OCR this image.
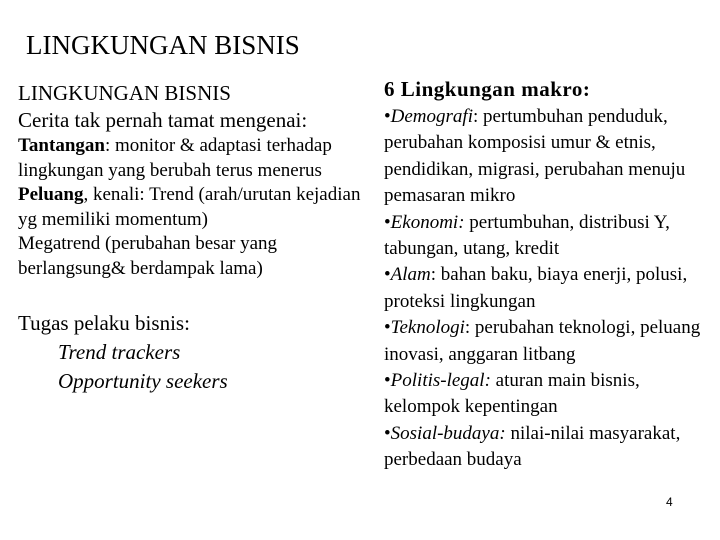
LINGKUNGAN BISNIS
LINGKUNGAN BISNIS
Cerita tak pernah tamat mengenai:

Tantangan: monitor & adaptasi terhadap lingkungan yang berubah terus menerus

Peluang, kenali: Trend (arah/urutan kejadian yg memiliki momentum)

Megatrend (perubahan besar yang berlangsung& berdampak lama)

Tugas pelaku bisnis:
Trend trackers
Opportunity seekers
6 Lingkungan makro:

•Demografi: pertumbuhan penduduk, perubahan komposisi umur & etnis, pendidikan, migrasi, perubahan menuju pemasaran mikro

•Ekonomi: pertumbuhan, distribusi Y, tabungan, utang, kredit

•Alam: bahan baku, biaya enerji, polusi, proteksi lingkungan

•Teknologi: perubahan teknologi, peluang inovasi, anggaran litbang

•Politis-legal: aturan main bisnis, kelompok kepentingan

•Sosial-budaya: nilai-nilai masyarakat, perbedaan budaya

4
